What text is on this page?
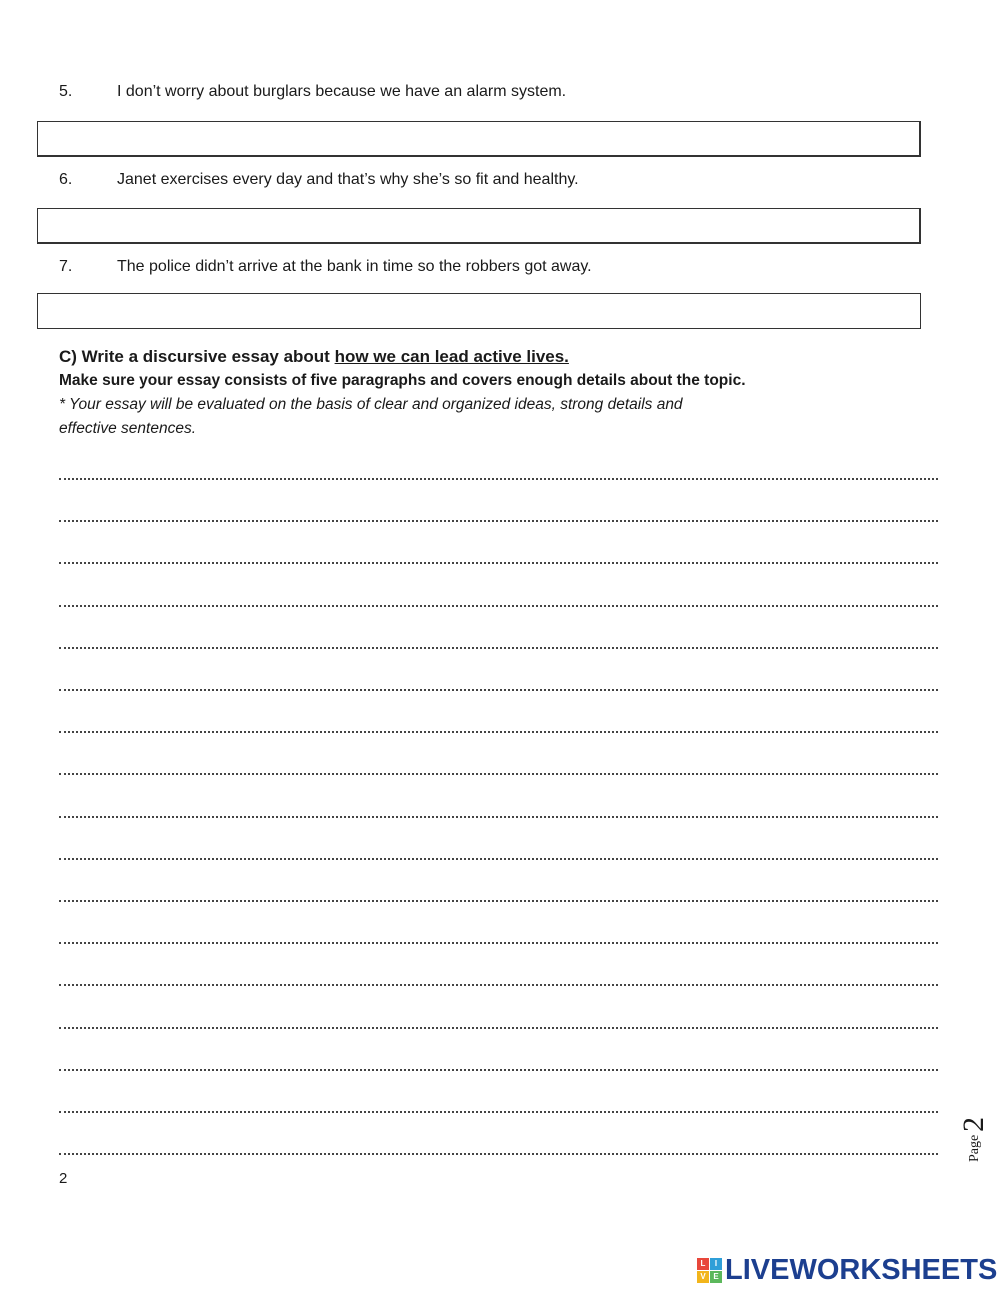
5.	I don’t worry about burglars because we have an alarm system.
6.	Janet exercises every day and that’s why she’s so fit and healthy.
7.	The police didn’t arrive at the bank in time so the robbers got away.
C) Write a discursive essay about how we can lead active lives.
Make sure your essay consists of five paragraphs and covers enough details about the topic.
* Your essay will be evaluated on the basis of clear and organized ideas, strong details and
effective sentences.
2
Page
2
L	I
V E LIVEWORKSHEETS
